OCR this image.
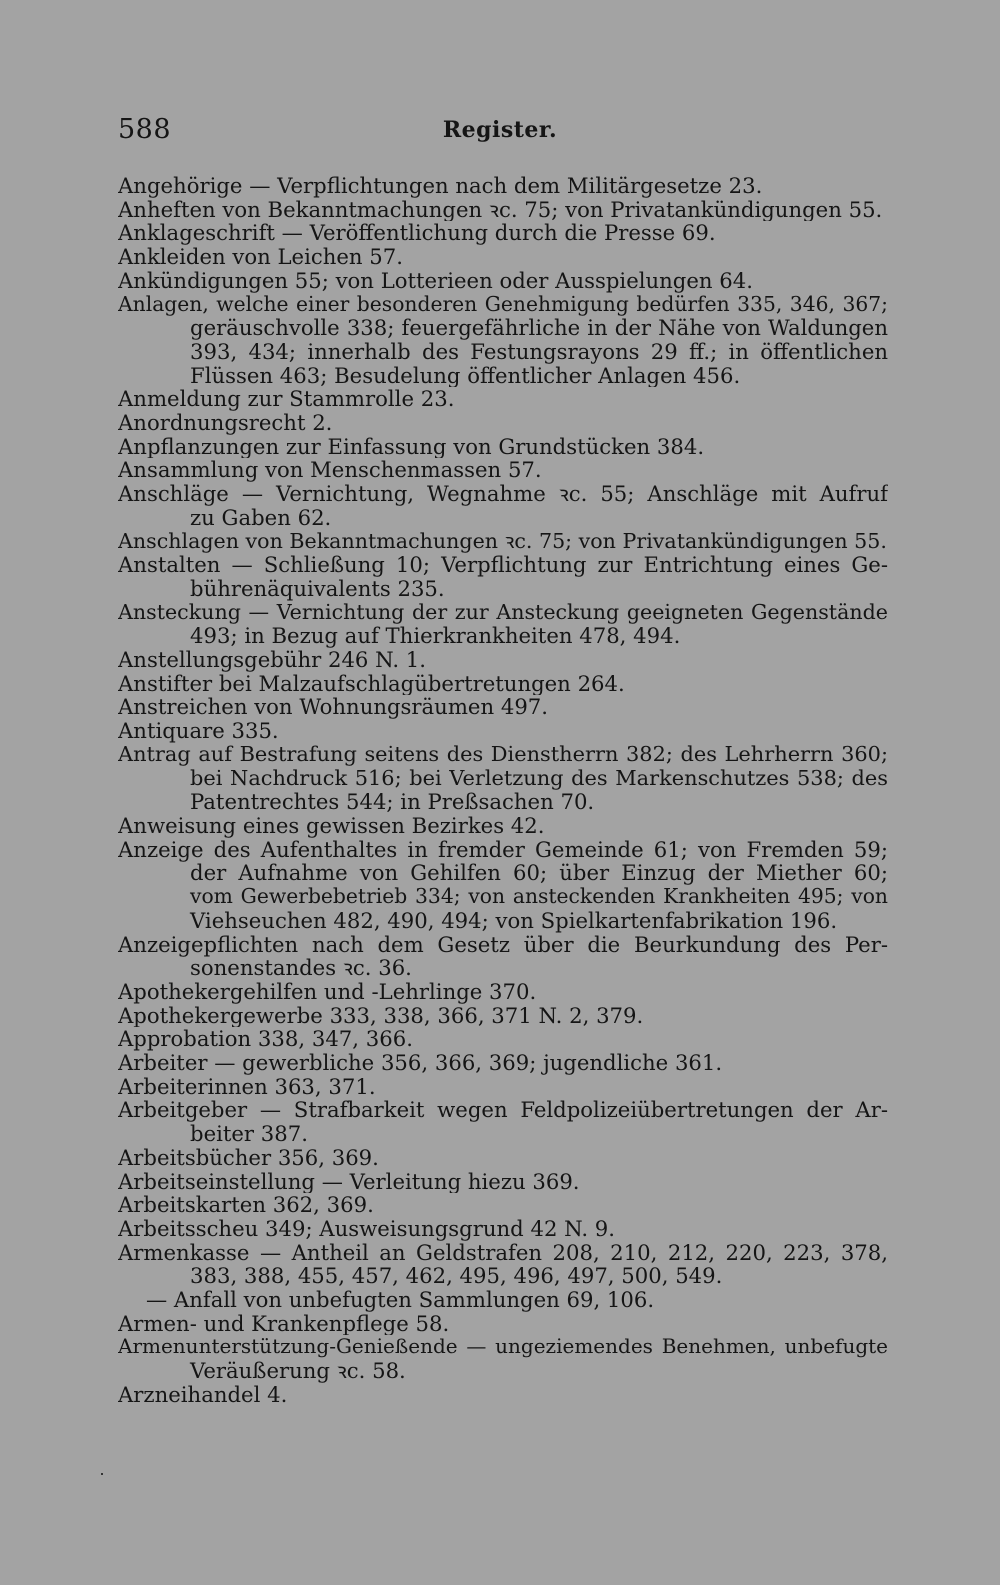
588	Register.
Angehörige — Verpflichtungen nach dem Militärgesetze 23.
Anheften von Bekanntmachungen ꝛc. 75; von Privatankündigungen 55.
Anklageschrift — Veröffentlichung durch die Presse 69.
Ankleiden von Leichen 57.
Ankündigungen 55; von Lotterieen oder Ausspielungen 64.
Anlagen, welche einer besonderen Genehmigung bedürfen 335, 346, 367;
geräuschvolle 338; feuergefährliche in der Nähe von Waldungen
393, 434; innerhalb des Festungsrayons 29 ff.; in öffentlichen
Flüssen 463; Besudelung öffentlicher Anlagen 456.
Anmeldung zur Stammrolle 23.
Anordnungsrecht 2.
Anpflanzungen zur Einfassung von Grundstücken 384.
Ansammlung von Menschenmassen 57.
Anschläge — Vernichtung, Wegnahme ꝛc. 55; Anschläge mit Aufruf
zu Gaben 62.
Anschlagen von Bekanntmachungen ꝛc. 75; von Privatankündigungen 55.
Anstalten — Schließung 10; Verpflichtung zur Entrichtung eines Ge-
bührenäquivalents 235.
Ansteckung — Vernichtung der zur Ansteckung geeigneten Gegenstände
493; in Bezug auf Thierkrankheiten 478, 494.
Anstellungsgebühr 246 N. 1.
Anstifter bei Malzaufschlagübertretungen 264.
Anstreichen von Wohnungsräumen 497.
Antiquare 335.
Antrag auf Bestrafung seitens des Dienstherrn 382; des Lehrherrn 360;
bei Nachdruck 516; bei Verletzung des Markenschutzes 538; des
Patentrechtes 544; in Preßsachen 70.
Anweisung eines gewissen Bezirkes 42.
Anzeige des Aufenthaltes in fremder Gemeinde 61; von Fremden 59;
der Aufnahme von Gehilfen 60; über Einzug der Miether 60;
vom Gewerbebetrieb 334; von ansteckenden Krankheiten 495; von
Viehseuchen 482, 490, 494; von Spielkartenfabrikation 196.
Anzeigepflichten nach dem Gesetz über die Beurkundung des Per-
sonenstandes ꝛc. 36.
Apothekergehilfen und -Lehrlinge 370.
Apothekergewerbe 333, 338, 366, 371 N. 2, 379.
Approbation 338, 347, 366.
Arbeiter — gewerbliche 356, 366, 369; jugendliche 361.
Arbeiterinnen 363, 371.
Arbeitgeber — Strafbarkeit wegen Feldpolizeiübertretungen der Ar-
beiter 387.
Arbeitsbücher 356, 369.
Arbeitseinstellung — Verleitung hiezu 369.
Arbeitskarten 362, 369.
Arbeitsscheu 349; Ausweisungsgrund 42 N. 9.
Armenkasse — Antheil an Geldstrafen 208, 210, 212, 220, 223, 378,
383, 388, 455, 457, 462, 495, 496, 497, 500, 549.
— Anfall von unbefugten Sammlungen 69, 106.
Armen- und Krankenpflege 58.
Armenunterstützung-Genießende — ungeziemendes Benehmen, unbefugte
Veräußerung ꝛc. 58.
Arzneihandel 4.
